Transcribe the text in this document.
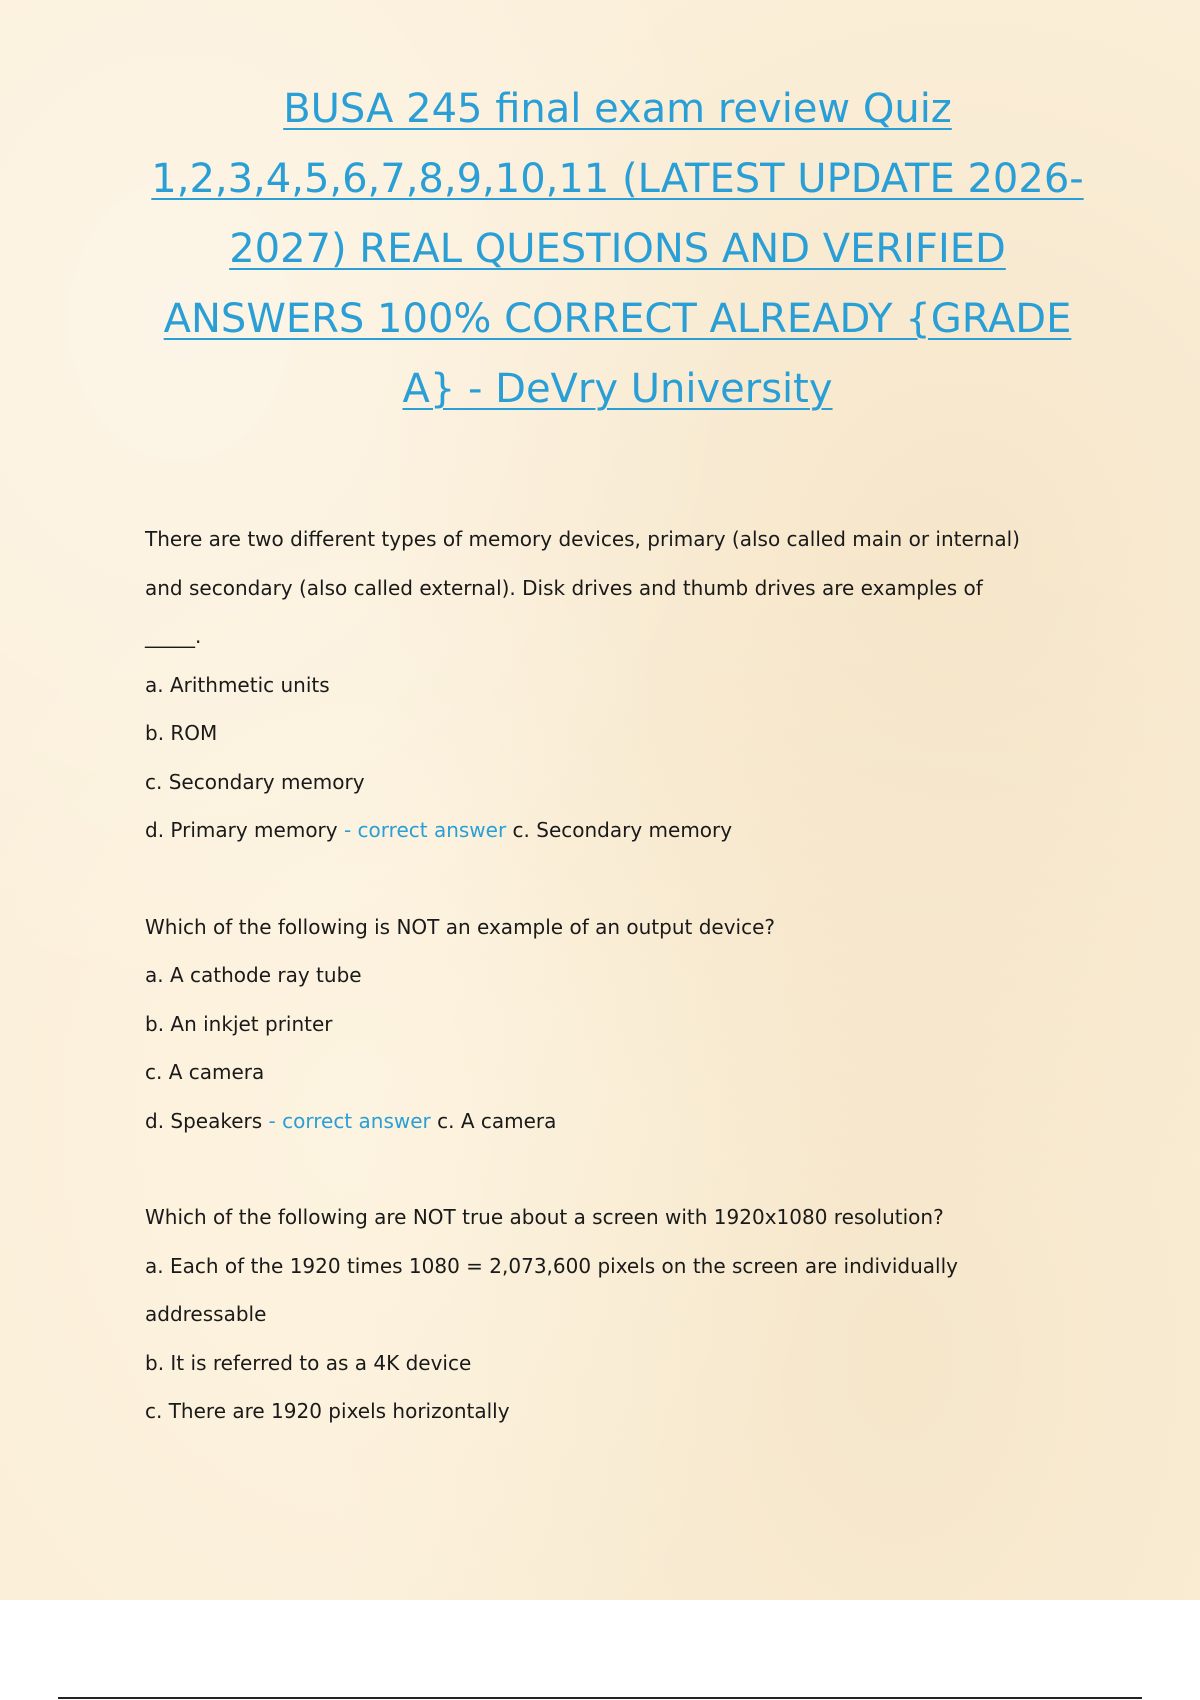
BUSA 245 final exam review Quiz 1,2,3,4,5,6,7,8,9,10,11 (LATEST UPDATE 2026-2027) REAL QUESTIONS AND VERIFIED ANSWERS 100% CORRECT ALREADY {GRADE A} - DeVry University

There are two different types of memory devices, primary (also called main or internal) and secondary (also called external). Disk drives and thumb drives are examples of _____.

a. Arithmetic units

b. ROM

c. Secondary memory

d. Primary memory - correct answer c. Secondary memory

Which of the following is NOT an example of an output device?

a. A cathode ray tube

b. An inkjet printer

c. A camera

d. Speakers - correct answer c. A camera

Which of the following are NOT true about a screen with 1920x1080 resolution?

a. Each of the 1920 times 1080 = 2,073,600 pixels on the screen are individually addressable

b. It is referred to as a 4K device

c. There are 1920 pixels horizontally
